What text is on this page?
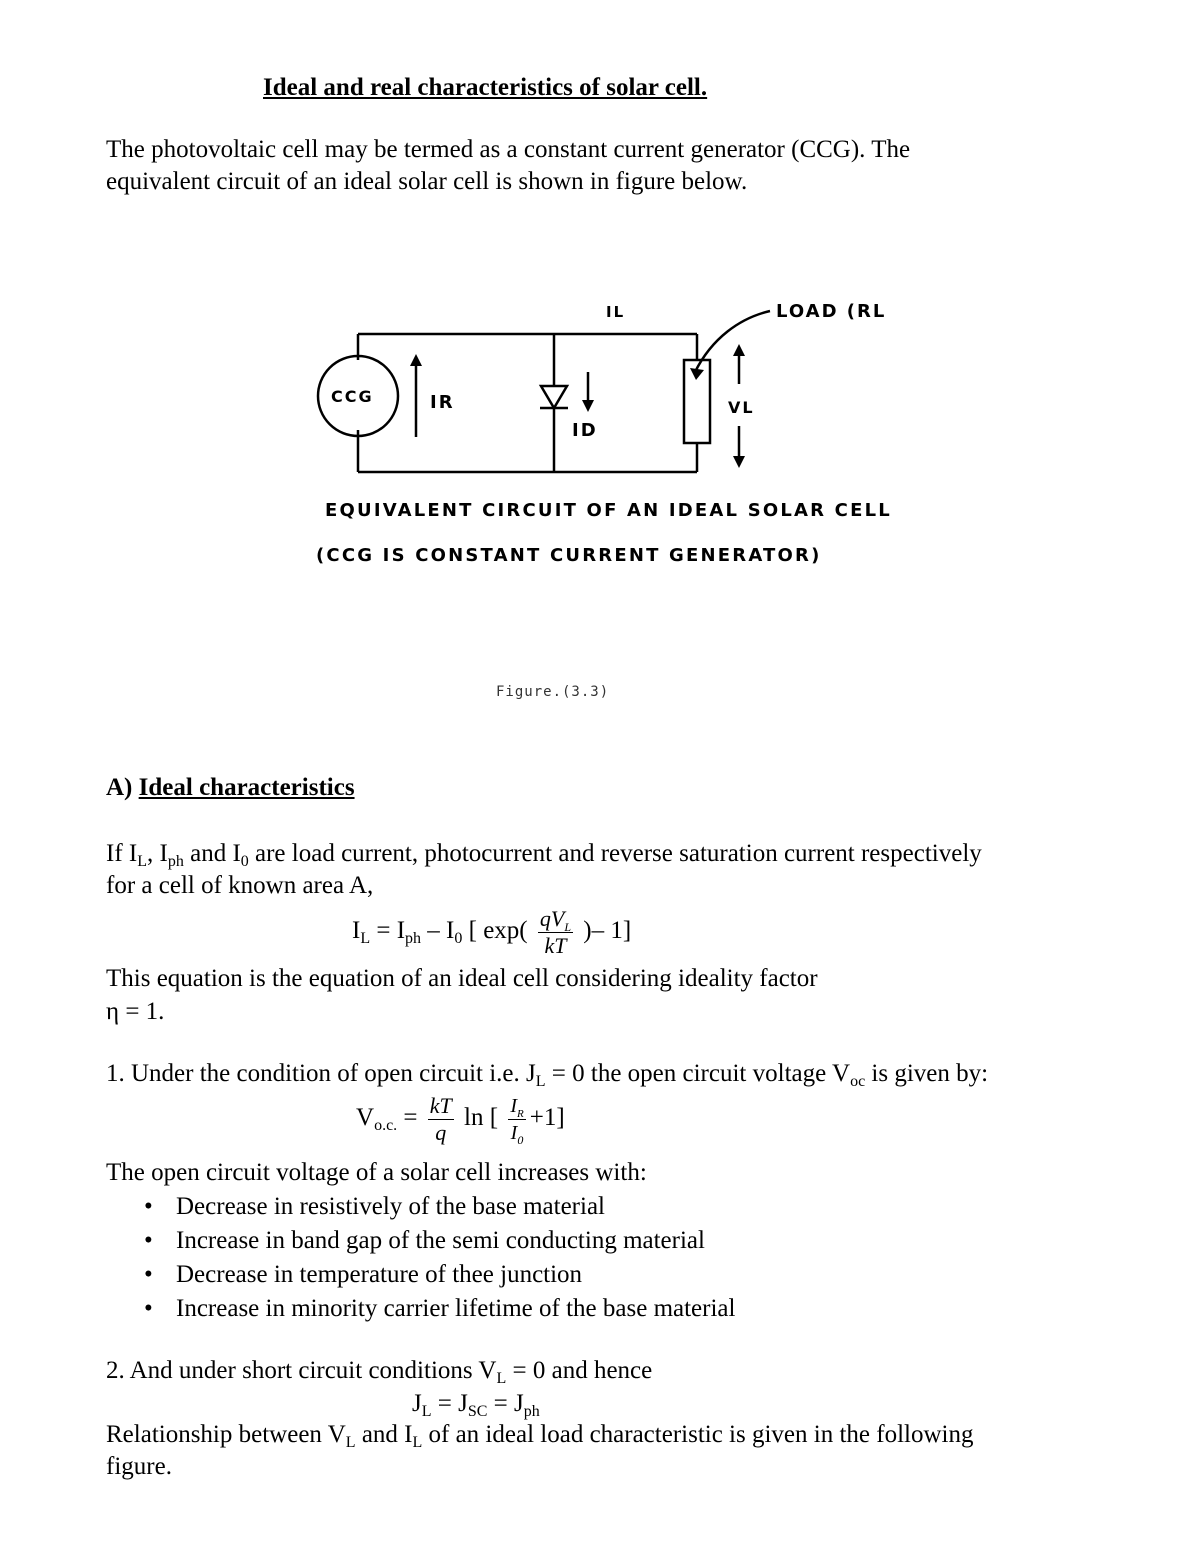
Ideal and real characteristics of solar cell.
The photovoltaic cell may be termed as a constant current generator (CCG). The
equivalent circuit of an ideal solar cell is shown in figure below.
IL	LOAD (RL
CCG	IR
ID
VL
EQUIVALENT CIRCUIT OF AN IDEAL SOLAR CELL
(CCG IS CONSTANT CURRENT GENERATOR)
Figure.(3.3)
A) Ideal characteristics
If $I_L$, $I_{ph}$ and $I_0$ are load current, photocurrent and reverse saturation current respectively
for a cell of known area A,
$I_L = I_{ph} - I_0$ [ $\exp( \frac{qV_L}{kT}$ )– 1]
This equation is the equation of an ideal cell considering ideality factor
η = 1.
1. Under the condition of open circuit i.e. $J_L = 0$ the open circuit voltage $V_{oc}$ is given by:
$V_{o.c.} = \frac{kT}{q}$ ln [ $\frac{I_R}{I_0} +1$]
The open circuit voltage of a solar cell increases with:
• Decrease in resistively of the base material
• Increase in band gap of the semi conducting material
• Decrease in temperature of thee junction
• Increase in minority carrier lifetime of the base material
2. And under short circuit conditions $V_L = 0$ and hence
$J_L = J_{SC} = J_{ph}$
Relationship between $V_L$ and $I_L$ of an ideal load characteristic is given in the following
figure.
